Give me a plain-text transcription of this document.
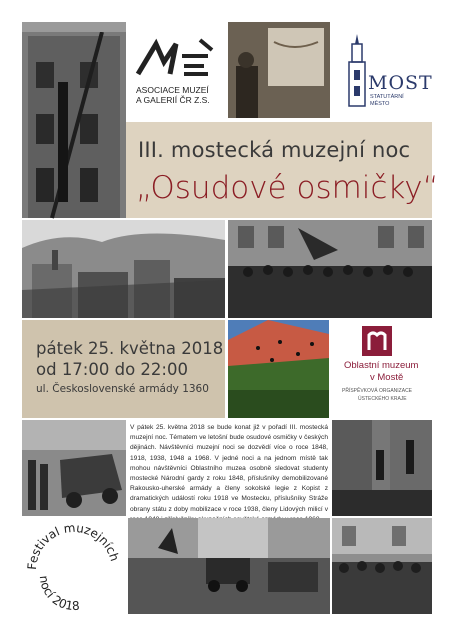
ASOCIACE MUZEÍ
A GALERIÍ ČR Z.S.
MOST
STATUTÁRNÍ
MĚSTO
III. mostecká muzejní noc
„Osudové osmičky“
pátek 25. května 2018
od 17:00 do 22:00
ul. Československé armády 1360
Oblastní muzeum
v Mostě
PŘÍSPĚVKOVÁ ORGANIZACE
ÚSTECKÉHO KRAJE
V pátek 25. května 2018 se bude konat již v pořadí III. mostecká muzejní noc. Tématem ve letošní bude osudové osmičky v českých dějinách. Návštěvníci muzejní noci se dozvědí více o roce 1848, 1918, 1938, 1948 a 1968. V jedné noci a na jednom místě tak mohou návštěvníci Oblastního muzea osobně sledovat studenty mostecké Národní gardy z roku 1848, příslušníky demobilizované Rakousko-uherské armády a členy sokolské legie z Kopist z dramatických událostí roku 1918 ve Mostecku, příslušníky Stráže obrany státu z doby mobilizace v roce 1938, členy Lidových milicí v
Festival muzejních
nocí 2018
